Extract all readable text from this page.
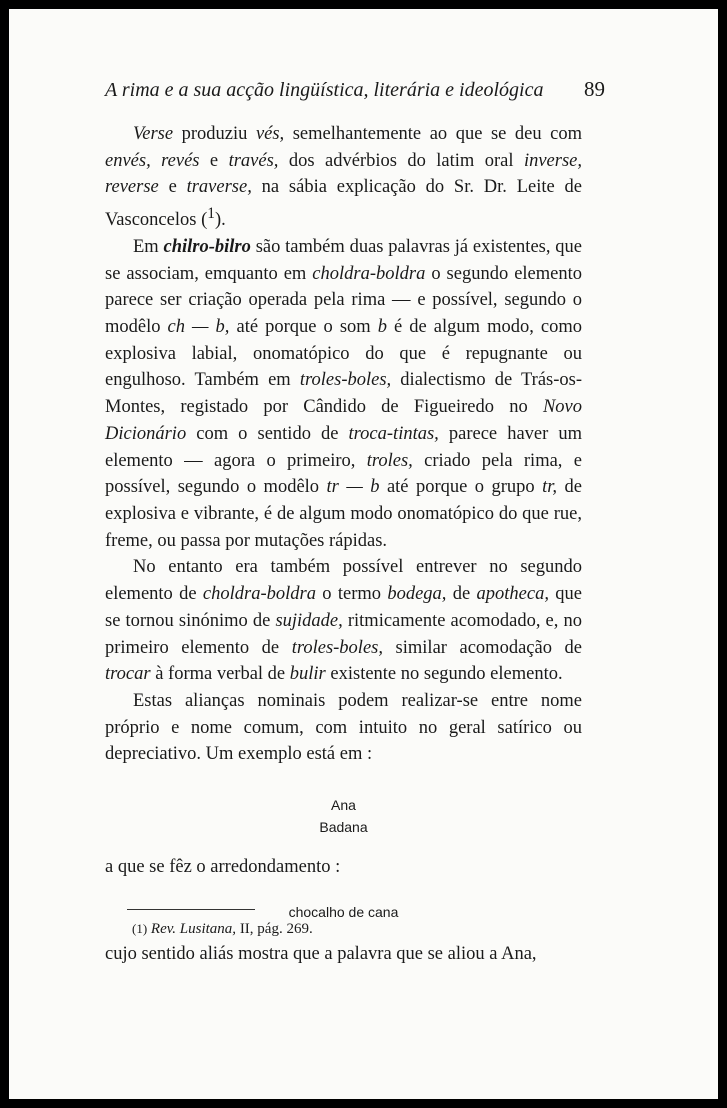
A rima e a sua acção lingüística, literária e ideológica 89

Verse produziu vés, semelhantemente ao que se deu com envés, revés e través, dos advérbios do latim oral inverse, reverse e traverse, na sábia explicação do Sr. Dr. Leite de Vasconcelos ($^1$).

Em chilro-bilro são também duas palavras já existentes, que se associam, emquanto em choldra-boldra o segundo elemento parece ser criação operada pela rima — e possível, segundo o modêlo ch — b, até porque o som b é de algum modo, como explosiva labial, onomatópico do que é repugnante ou engulhoso. Também em troles-boles, dialectismo de Trás-os-Montes, registado por Cândido de Figueiredo no Novo Dicionário com o sentido de troca-tintas, parece haver um elemento — agora o primeiro, troles, criado pela rima, e possível, segundo o modêlo tr — b até porque o grupo tr, de explosiva e vibrante, é de algum modo onomatópico do que rue, freme, ou passa por mutações rápidas.

No entanto era também possível entrever no segundo elemento de choldra-boldra o termo bodega, de apotheca, que se tornou sinónimo de sujidade, ritmicamente acomodado, e, no primeiro elemento de troles-boles, similar acomodação de trocar à forma verbal de bulir existente no segundo elemento.

Estas alianças nominais podem realizar-se entre nome próprio e nome comum, com intuito no geral satírico ou depreciativo. Um exemplo está em :

Ana
Badana

a que se fêz o arredondamento :

chocalho de cana

cujo sentido aliás mostra que a palavra que se aliou a Ana,

(1) Rev. Lusitana, II, pág. 269.
